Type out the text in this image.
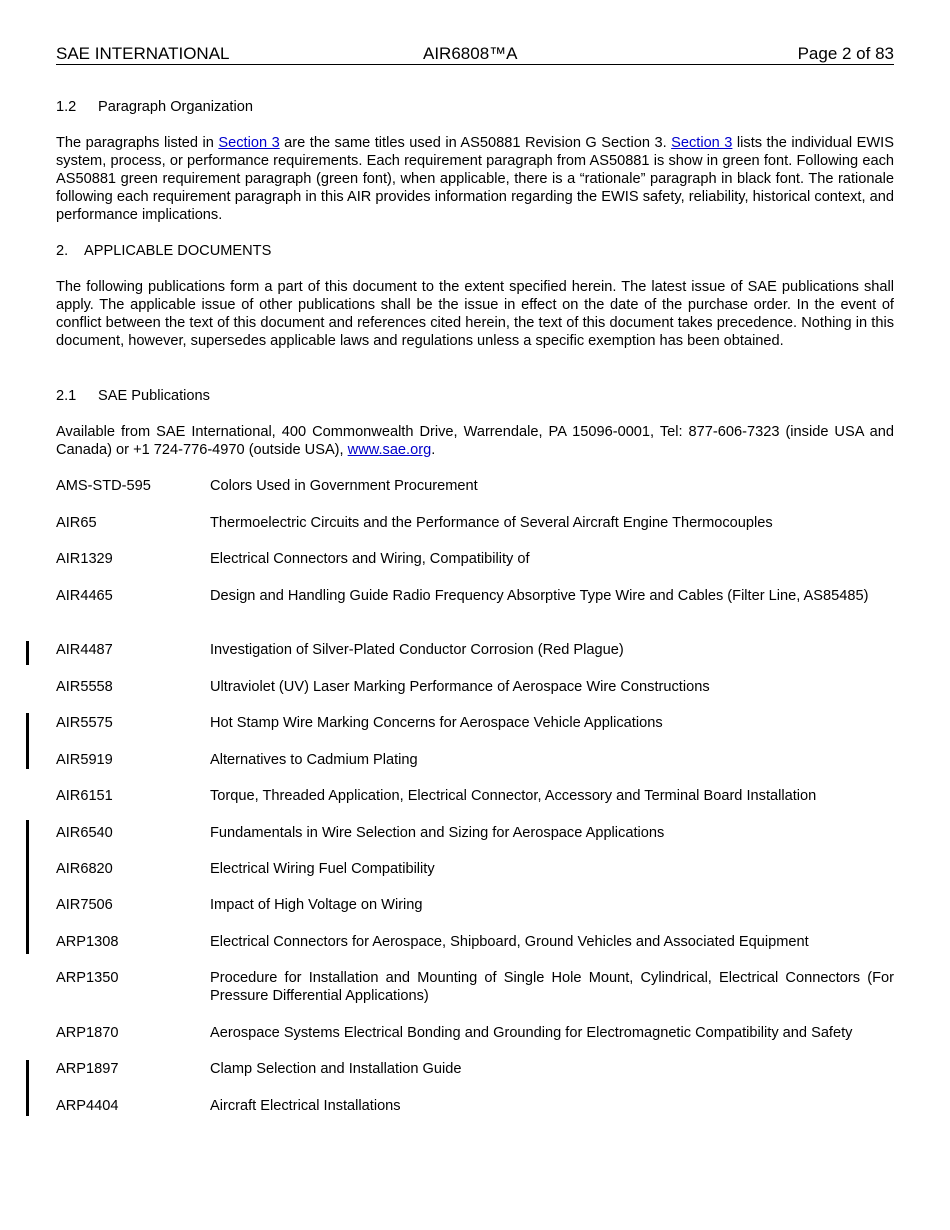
SAE INTERNATIONAL	AIR6808™A	Page 2 of 83
1.2 Paragraph Organization
The paragraphs listed in Section 3 are the same titles used in AS50881 Revision G Section 3. Section 3 lists the individual EWIS system, process, or performance requirements. Each requirement paragraph from AS50881 is show in green font. Following each AS50881 green requirement paragraph (green font), when applicable, there is a “rationale” paragraph in black font. The rationale following each requirement paragraph in this AIR provides information regarding the EWIS safety, reliability, historical context, and performance implications.
2. APPLICABLE DOCUMENTS
The following publications form a part of this document to the extent specified herein. The latest issue of SAE publications shall apply. The applicable issue of other publications shall be the issue in effect on the date of the purchase order. In the event of conflict between the text of this document and references cited herein, the text of this document takes precedence. Nothing in this document, however, supersedes applicable laws and regulations unless a specific exemption has been obtained.
2.1 SAE Publications
Available from SAE International, 400 Commonwealth Drive, Warrendale, PA 15096-0001, Tel: 877-606-7323 (inside USA and Canada) or +1 724-776-4970 (outside USA), www.sae.org.
AMS-STD-595	Colors Used in Government Procurement
AIR65	Thermoelectric Circuits and the Performance of Several Aircraft Engine Thermocouples
AIR1329	Electrical Connectors and Wiring, Compatibility of
AIR4465	Design and Handling Guide Radio Frequency Absorptive Type Wire and Cables (Filter Line, AS85485)
AIR4487	Investigation of Silver-Plated Conductor Corrosion (Red Plague)
AIR5558	Ultraviolet (UV) Laser Marking Performance of Aerospace Wire Constructions
AIR5575	Hot Stamp Wire Marking Concerns for Aerospace Vehicle Applications
AIR5919	Alternatives to Cadmium Plating
AIR6151	Torque, Threaded Application, Electrical Connector, Accessory and Terminal Board Installation
AIR6540	Fundamentals in Wire Selection and Sizing for Aerospace Applications
AIR6820	Electrical Wiring Fuel Compatibility
AIR7506	Impact of High Voltage on Wiring
ARP1308	Electrical Connectors for Aerospace, Shipboard, Ground Vehicles and Associated Equipment
ARP1350	Procedure for Installation and Mounting of Single Hole Mount, Cylindrical, Electrical Connectors (For Pressure Differential Applications)
ARP1870	Aerospace Systems Electrical Bonding and Grounding for Electromagnetic Compatibility and Safety
ARP1897	Clamp Selection and Installation Guide
ARP4404	Aircraft Electrical Installations
